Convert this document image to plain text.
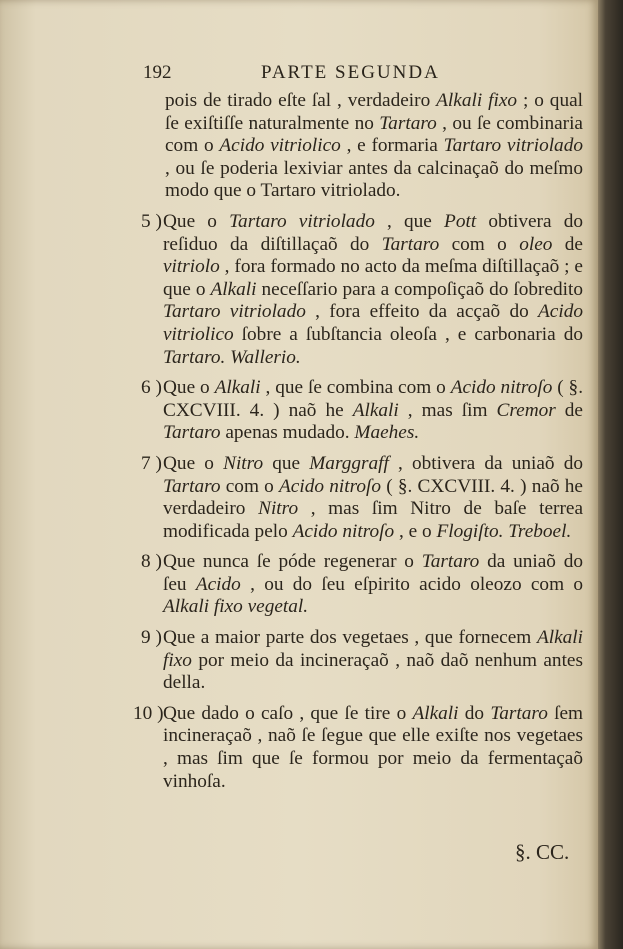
192	PARTE SEGUNDA

pois de tirado eſte ſal , verdadeiro Alkali fixo ; o qual ſe exiſtiſſe naturalmente no Tartaro , ou ſe combinaria com o Acido vitriolico , e formaria Tartaro vitriolado , ou ſe poderia lexiviar antes da calcinaçaõ do meſmo modo que o Tartaro vitriolado.

5 ) Que o Tartaro vitriolado , que Pott obtivera do reſiduo da diſtillaçaõ do Tartaro com o oleo de vitriolo , fora formado no acto da meſma diſtillaçaõ ; e que o Alkali neceſſario para a compoſiçaõ do ſobredito Tartaro vitriolado , fora effeito da acçaõ do Acido vitriolico ſobre a ſubſtancia oleoſa , e carbonaria do Tartaro. Wallerio.

6 ) Que o Alkali , que ſe combina com o Acido nitroſo ( §. CXCVIII. 4. ) naõ he Alkali , mas ſim Cremor de Tartaro apenas mudado. Maehes.

7 ) Que o Nitro que Marggraff , obtivera da uniaõ do Tartaro com o Acido nitroſo ( §. CXCVIII. 4. ) naõ he verdadeiro Nitro , mas ſim Nitro de baſe terrea modificada pelo Acido nitroſo , e o Flogiſto. Treboel.

8 ) Que nunca ſe póde regenerar o Tartaro da uniaõ do ſeu Acido , ou do ſeu eſpirito acido oleozo com o Alkali fixo vegetal.

9 ) Que a maior parte dos vegetaes , que fornecem Alkali fixo por meio da incineraçaõ , naõ daõ nenhum antes della.

10 ) Que dado o caſo , que ſe tire o Alkali do Tartaro ſem incineraçaõ , naõ ſe ſegue que elle exiſte nos vegetaes , mas ſim que ſe formou por meio da fermentaçaõ vinhoſa.

§. CC.
